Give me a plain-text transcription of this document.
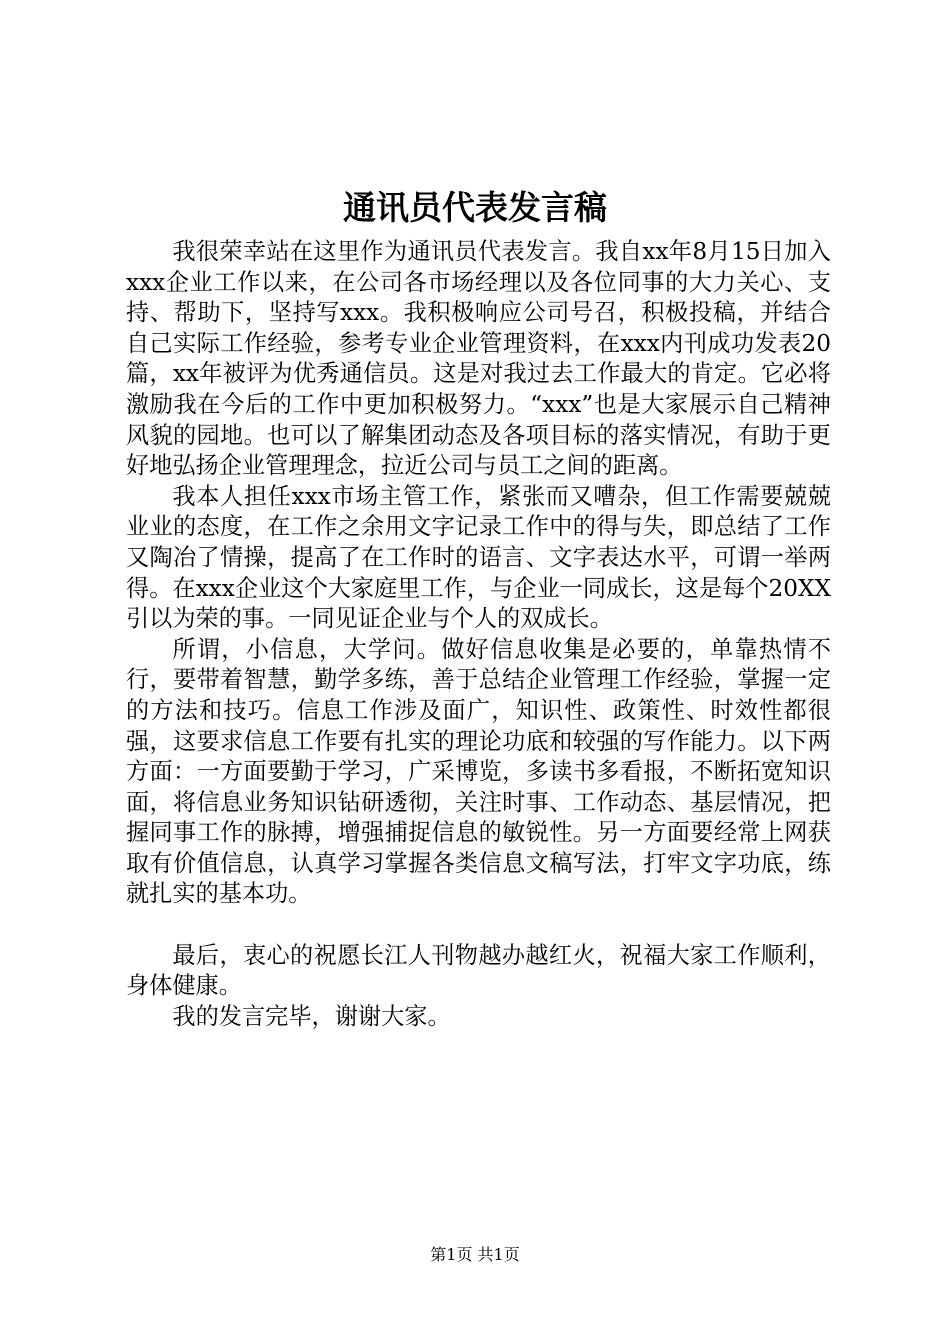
通讯员代表发言稿

我很荣幸站在这里作为通讯员代表发言。我自xx年8月15日加入xxx企业工作以来，在公司各市场经理以及各位同事的大力关心、支持、帮助下，坚持写xxx。我积极响应公司号召，积极投稿，并结合自己实际工作经验，参考专业企业管理资料，在xxx内刊成功发表20篇，xx年被评为优秀通信员。这是对我过去工作最大的肯定。它必将激励我在今后的工作中更加积极努力。“xxx”也是大家展示自己精神风貌的园地。也可以了解集团动态及各项目标的落实情况，有助于更好地弘扬企业管理理念，拉近公司与员工之间的距离。

我本人担任xxx市场主管工作，紧张而又嘈杂，但工作需要兢兢业业的态度，在工作之余用文字记录工作中的得与失，即总结了工作又陶冶了情操，提高了在工作时的语言、文字表达水平，可谓一举两得。在xxx企业这个大家庭里工作，与企业一同成长，这是每个20XX引以为荣的事。一同见证企业与个人的双成长。

所谓，小信息，大学问。做好信息收集是必要的，单靠热情不行，要带着智慧，勤学多练，善于总结企业管理工作经验，掌握一定的方法和技巧。信息工作涉及面广，知识性、政策性、时效性都很强，这要求信息工作要有扎实的理论功底和较强的写作能力。以下两方面：一方面要勤于学习，广采博览，多读书多看报，不断拓宽知识面，将信息业务知识钻研透彻，关注时事、工作动态、基层情况，把握同事工作的脉搏，增强捕捉信息的敏锐性。另一方面要经常上网获取有价值信息，认真学习掌握各类信息文稿写法，打牢文字功底，练就扎实的基本功。

最后，衷心的祝愿长江人刊物越办越红火，祝福大家工作顺利，身体健康。

我的发言完毕，谢谢大家。

第1页 共1页
